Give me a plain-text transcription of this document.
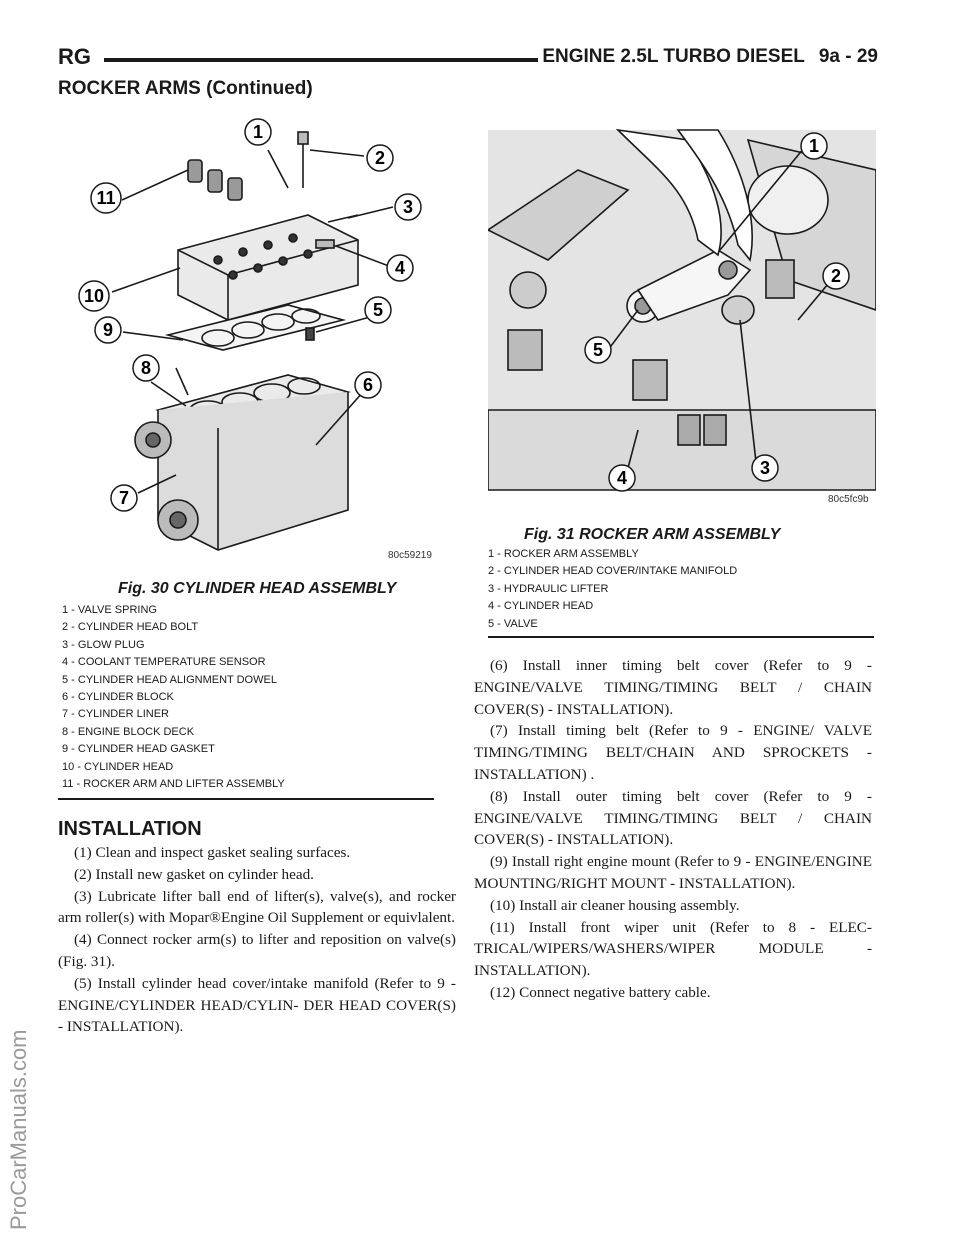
RG	ENGINE 2.5L TURBO DIESEL 9a - 29
ROCKER ARMS (Continued)
ProCarManuals.com
1
2
3
4
5
6
7
8
9
10
11
80c59219
Fig. 30 CYLINDER HEAD ASSEMBLY
1 - VALVE SPRING
2 - CYLINDER HEAD BOLT
3 - GLOW PLUG
4 - COOLANT TEMPERATURE SENSOR
5 - CYLINDER HEAD ALIGNMENT DOWEL
6 - CYLINDER BLOCK
7 - CYLINDER LINER
8 - ENGINE BLOCK DECK
9 - CYLINDER HEAD GASKET
10 - CYLINDER HEAD
11 - ROCKER ARM AND LIFTER ASSEMBLY
1
2
3
4
5
80c5fc9b
Fig. 31 ROCKER ARM ASSEMBLY
1 - ROCKER ARM ASSEMBLY
2 - CYLINDER HEAD COVER/INTAKE MANIFOLD
3 - HYDRAULIC LIFTER
4 - CYLINDER HEAD
5 - VALVE
INSTALLATION

(1) Clean and inspect gasket sealing surfaces.

(2) Install new gasket on cylinder head.

(3) Lubricate lifter ball end of lifter(s), valve(s), and rocker arm roller(s) with Mopar®Engine Oil Supplement or equivlalent.

(4) Connect rocker arm(s) to lifter and reposition on valve(s) (Fig. 31).

(5) Install cylinder head cover/intake manifold (Refer to 9 - ENGINE/CYLINDER HEAD/CYLIN- DER HEAD COVER(S) - INSTALLATION).

(6) Install inner timing belt cover (Refer to 9 - ENGINE/VALVE TIMING/TIMING BELT / CHAIN COVER(S) - INSTALLATION).

(7) Install timing belt (Refer to 9 - ENGINE/ VALVE TIMING/TIMING BELT/CHAIN AND SPROCKETS - INSTALLATION) .

(8) Install outer timing belt cover (Refer to 9 - ENGINE/VALVE TIMING/TIMING BELT / CHAIN COVER(S) - INSTALLATION).

(9) Install right engine mount (Refer to 9 - ENGINE/ENGINE MOUNTING/RIGHT MOUNT - INSTALLATION).

(10) Install air cleaner housing assembly.

(11) Install front wiper unit (Refer to 8 - ELEC- TRICAL/WIPERS/WASHERS/WIPER MODULE - INSTALLATION).

(12) Connect negative battery cable.
